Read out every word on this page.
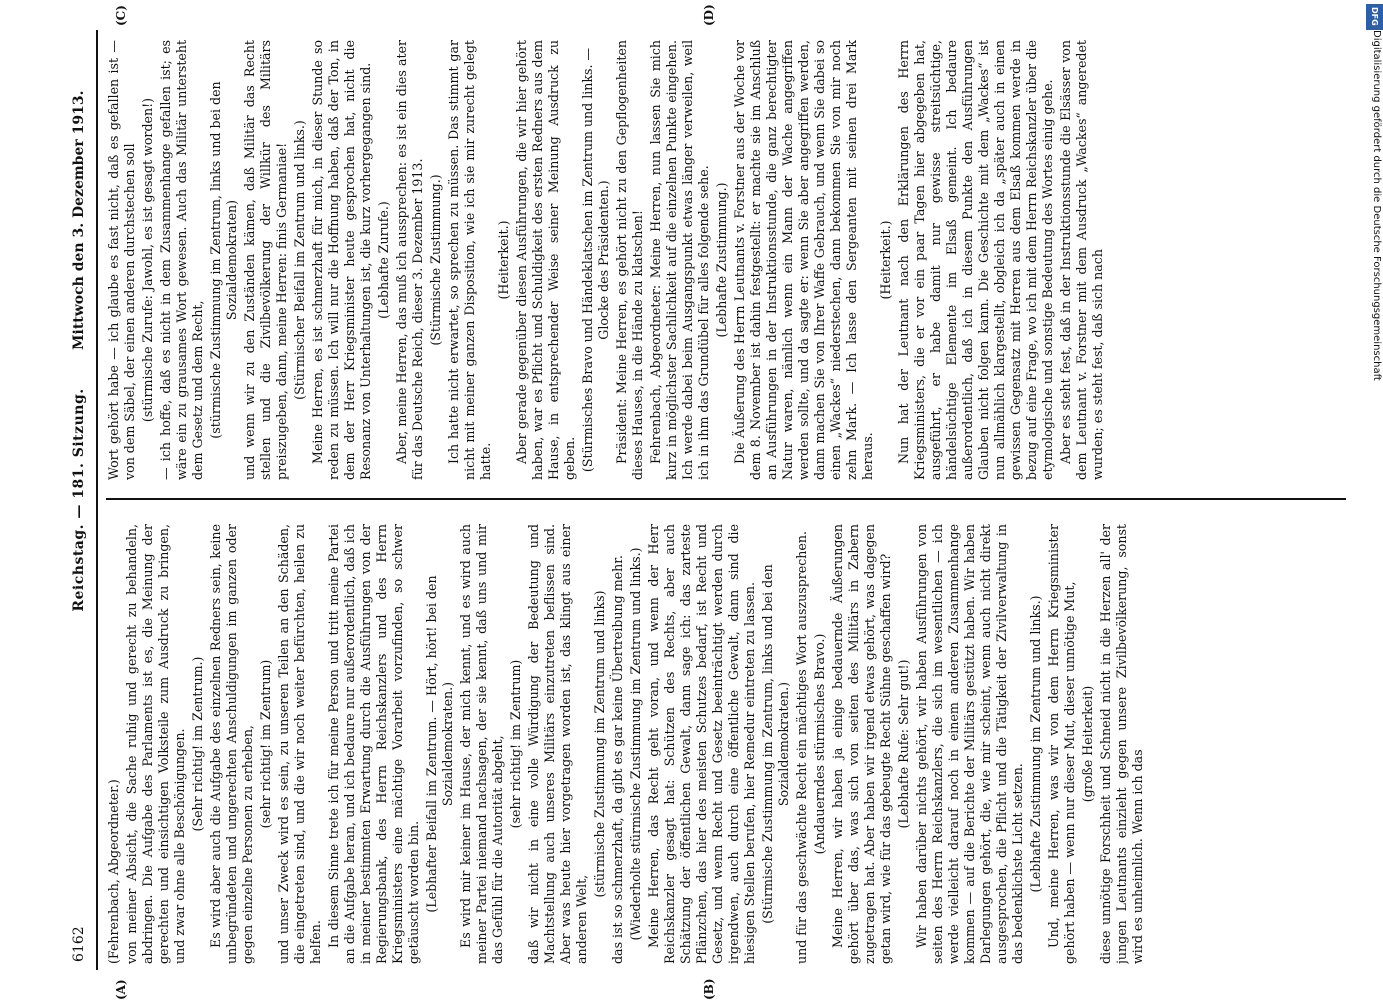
6162
Reichstag. — 181. Sitzung.
Mittwoch den 3. Dezember 1913.
(A)	(B)
(C)	(D)

(Fehrenbach, Abgeordneter.) von meiner Absicht, die Sache ruhig und gerecht zu behandeln, abdringen. Die Aufgabe des Parlaments ist es, die Meinung der gerechten und einsichtigen Volksteile zum Ausdruck zu bringen, und zwar ohne alle Beschönigungen. (Sehr richtig! im Zentrum.) Es wird aber auch die Aufgabe des einzelnen Redners sein, keine unbegründeten und ungerechten Anschuldigungen im ganzen oder gegen einzelne Personen zu erheben, (sehr richtig! im Zentrum) und unser Zweck wird es sein, zu unseren Teilen an den Schäden, die eingetreten sind, und die wir noch weiter befürchten, heilen zu helfen. In diesem Sinne trete ich für meine Person und tritt meine Partei an die Aufgabe heran, und ich bedaure nur außerordentlich, daß ich in meiner bestimmten Erwartung durch die Ausführungen von der Regierungsbank, des Herrn Reichskanzlers und des Herrn Kriegsministers eine mächtige Vorarbeit vorzufinden, so schwer getäuscht worden bin. (Lebhafter Beifall im Zentrum. — Hört, hört! bei den Sozialdemokraten.) Es wird mir keiner im Hause, der mich kennt, und es wird auch meiner Partei niemand nachsagen, der sie kennt, daß uns und mir das Gefühl für die Autorität abgeht, (sehr richtig! im Zentrum) daß wir nicht in eine volle Würdigung der Bedeutung und Machtstellung auch unseres Militärs einzutreten beflissen sind. Aber was heute hier vorgetragen worden ist, das klingt aus einer anderen Welt,

(stürmische Zustimmung im Zentrum und links) das ist so schmerzhaft, da gibt es gar keine Übertreibung mehr. (Wiederholte stürmische Zustimmung im Zentrum und links.) Meine Herren, das Recht geht voran, und wenn der Herr Reichskanzler gesagt hat: Schützen des Rechts, aber auch Schätzung der öffentlichen Gewalt, dann sage ich: das zarteste Pflänzchen, das hier des meisten Schutzes bedarf, ist Recht und Gesetz, und wenn Recht und Gesetz beeinträchtigt werden durch irgendwen, auch durch eine öffentliche Gewalt, dann sind die hiesigen Stellen berufen, hier Remedur eintreten zu lassen. (Stürmische Zustimmung im Zentrum, links und bei den Sozialdemokraten.) und für das geschwächte Recht ein mächtiges Wort auszusprechen. (Andauerndes stürmisches Bravo.) Meine Herren, wir haben ja einige bedauernde Äußerungen gehört über das, was sich von seiten des Militärs in Zabern zugetragen hat. Aber haben wir irgend etwas gehört, was dagegen getan wird, wie für das gebeugte Recht Sühne geschaffen wird? (Lebhafte Rufe: Sehr gut!) Wir haben darüber nichts gehört, wir haben Ausführungen von seiten des Herrn Reichskanzlers, die sich im wesentlichen — ich werde vielleicht darauf noch in einem anderen Zusammenhange kommen — auf die Berichte der Militärs gestützt haben. Wir haben Darlegungen gehört, die, wie mir scheint, wenn auch nicht direkt ausgesprochen, die Pflicht und die Tätigkeit der Zivilverwaltung in das bedenklichste Licht setzen. (Lebhafte Zustimmung im Zentrum und links.) Und, meine Herren, was wir von dem Herrn Kriegsminister gehört haben — wenn nur dieser Mut, dieser unnötige Mut, (große Heiterkeit) diese unnötige Forschheit und Schneid nicht in die Herzen all' der jungen Leutnants einzieht gegen unsere Zivilbevölkerung, sonst wird es unheimlich. Wenn ich das

Wort gehört habe — ich glaube es fast nicht, daß es gefallen ist — von dem Säbel, der einen anderen durchstechen soll (stürmische Zurufe: Jawohl, es ist gesagt worden!) — ich hoffe, daß es nicht in dem Zusammenhange gefallen ist; es wäre ein zu grausames Wort gewesen. Auch das Militär untersteht dem Gesetz und dem Recht, (stürmische Zustimmung im Zentrum, links und bei den Sozialdemokraten) und wenn wir zu den Zuständen kämen, daß Militär das Recht stellen und die Zivilbevölkerung der Willkür des Militärs preiszugeben, dann, meine Herren: finis Germaniae! (Stürmischer Beifall im Zentrum und links.) Meine Herren, es ist schmerzhaft für mich, in dieser Stunde so reden zu müssen. Ich will nur die Hoffnung haben, daß der Ton, in dem der Herr Kriegsminister heute gesprochen hat, nicht die Resonanz von Unterhaltungen ist, die kurz vorhergegangen sind. (Lebhafte Zurufe.) Aber, meine Herren, das muß ich aussprechen: es ist ein dies ater für das Deutsche Reich, dieser 3. Dezember 1913. (Stürmische Zustimmung.) Ich hatte nicht erwartet, so sprechen zu müssen. Das stimmt gar nicht mit meiner ganzen Disposition, wie ich sie mir zurecht gelegt hatte.

(Heiterkeit.) Aber gerade gegenüber diesen Ausführungen, die wir hier gehört haben, war es Pflicht und Schuldigkeit des ersten Redners aus dem Hause, in entsprechender Weise seiner Meinung Ausdruck zu geben. (Stürmisches Bravo und Händeklatschen im Zentrum und links. — Glocke des Präsidenten.) Präsident: Meine Herren, es gehört nicht zu den Gepflogenheiten dieses Hauses, in die Hände zu klatschen! Fehrenbach, Abgeordneter: Meine Herren, nun lassen Sie mich kurz in möglichster Sachlichkeit auf die einzelnen Punkte eingehen. Ich werde dabei beim Ausgangspunkt etwas länger verweilen, weil ich in ihm das Grundübel für alles folgende sehe. (Lebhafte Zustimmung.) Die Äußerung des Herrn Leutnants v. Forstner aus der Woche vor dem 8. November ist dahin festgestellt: er machte sie im Anschluß an Ausführungen in der Instruktionsstunde, die ganz berechtigter Natur waren, nämlich wenn ein Mann der Wache angegriffen werden sollte, und da sagte er: wenn Sie aber angegriffen werden, dann machen Sie von Ihrer Waffe Gebrauch, und wenn Sie dabei so einen „Wackes“ niederstechen, dann bekommen Sie von mir noch zehn Mark. — Ich lasse den Sergeanten mit seinen drei Mark heraus.

(Heiterkeit.) Nun hat der Leutnant nach den Erklärungen des Herrn Kriegsministers, die er vor ein paar Tagen hier abgegeben hat, ausgeführt, er habe damit nur gewisse streitsüchtige, händelsüchtige Elemente im Elsaß gemeint. Ich bedaure außerordentlich, daß ich in diesem Punkte den Ausführungen Glauben nicht folgen kann. Die Geschichte mit dem „Wackes“ ist nun allmählich klargestellt, obgleich ich da „später auch in einen gewissen Gegensatz mit Herren aus dem Elsaß kommen werde in bezug auf eine Frage, wo ich mit dem Herrn Reichskanzler über die etymologische und sonstige Bedeutung des Wortes einig gehe. Aber es steht fest, daß in der Instruktionsstunde die Elsässer von dem Leutnant v. Forstner mit dem Ausdruck „Wackes“ angeredet wurden; es steht fest, daß sich nach

DFG
Digitalisierung gefördert durch die Deutsche Forschungsgemeinschaft
